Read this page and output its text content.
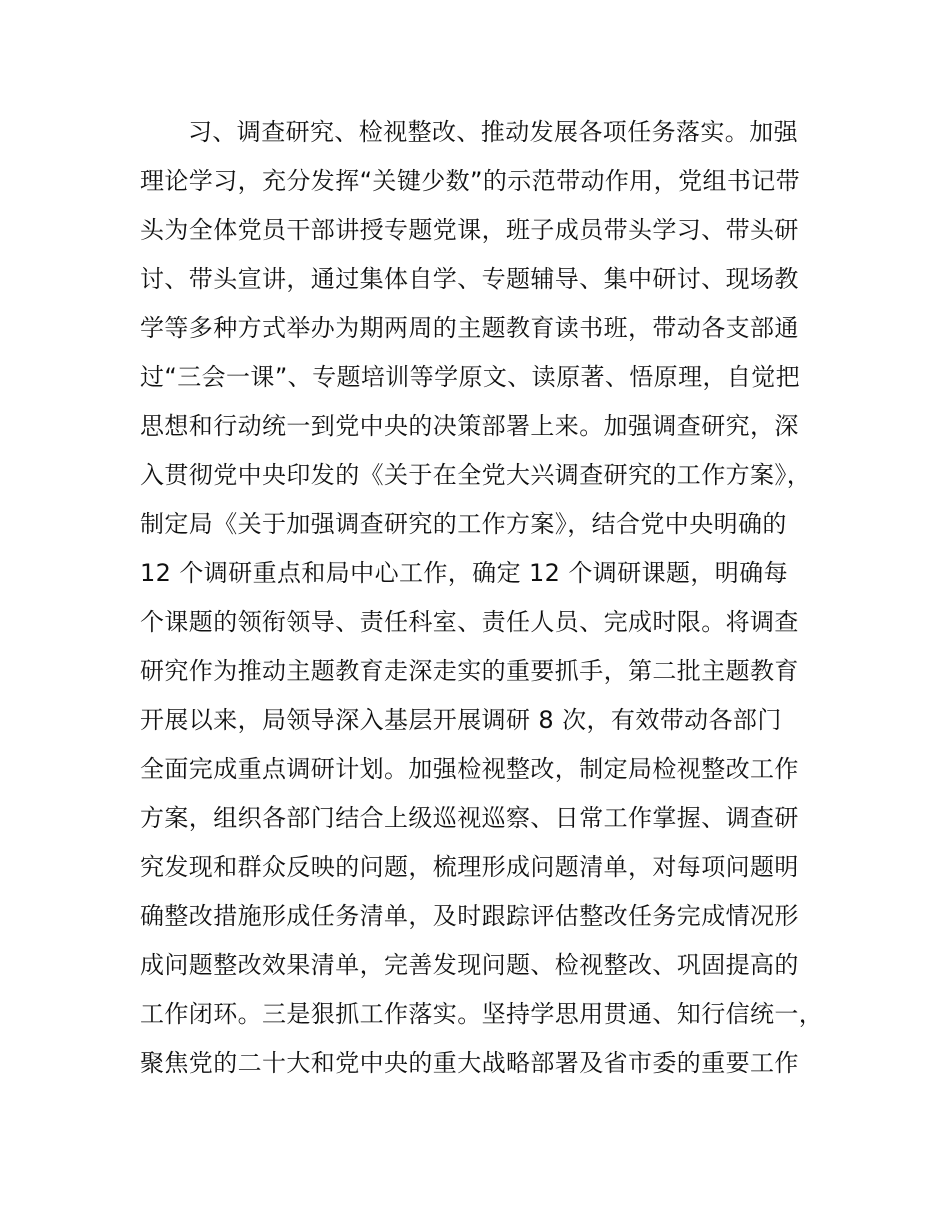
习、调查研究、检视整改、推动发展各项任务落实。加强
理论学习，充分发挥“关键少数”的示范带动作用，党组书记带
头为全体党员干部讲授专题党课，班子成员带头学习、带头研
讨、带头宣讲，通过集体自学、专题辅导、集中研讨、现场教
学等多种方式举办为期两周的主题教育读书班，带动各支部通
过“三会一课”、专题培训等学原文、读原著、悟原理，自觉把
思想和行动统一到党中央的决策部署上来。加强调查研究，深
入贯彻党中央印发的《关于在全党大兴调查研究的工作方案》，
制定局《关于加强调查研究的工作方案》，结合党中央明确的
12 个调研重点和局中心工作，确定 12 个调研课题，明确每
个课题的领衔领导、责任科室、责任人员、完成时限。将调查
研究作为推动主题教育走深走实的重要抓手，第二批主题教育
开展以来，局领导深入基层开展调研 8 次，有效带动各部门
全面完成重点调研计划。加强检视整改，制定局检视整改工作
方案，组织各部门结合上级巡视巡察、日常工作掌握、调查研
究发现和群众反映的问题，梳理形成问题清单，对每项问题明
确整改措施形成任务清单，及时跟踪评估整改任务完成情况形
成问题整改效果清单，完善发现问题、检视整改、巩固提高的
工作闭环。三是狠抓工作落实。坚持学思用贯通、知行信统一，
聚焦党的二十大和党中央的重大战略部署及省市委的重要工作
